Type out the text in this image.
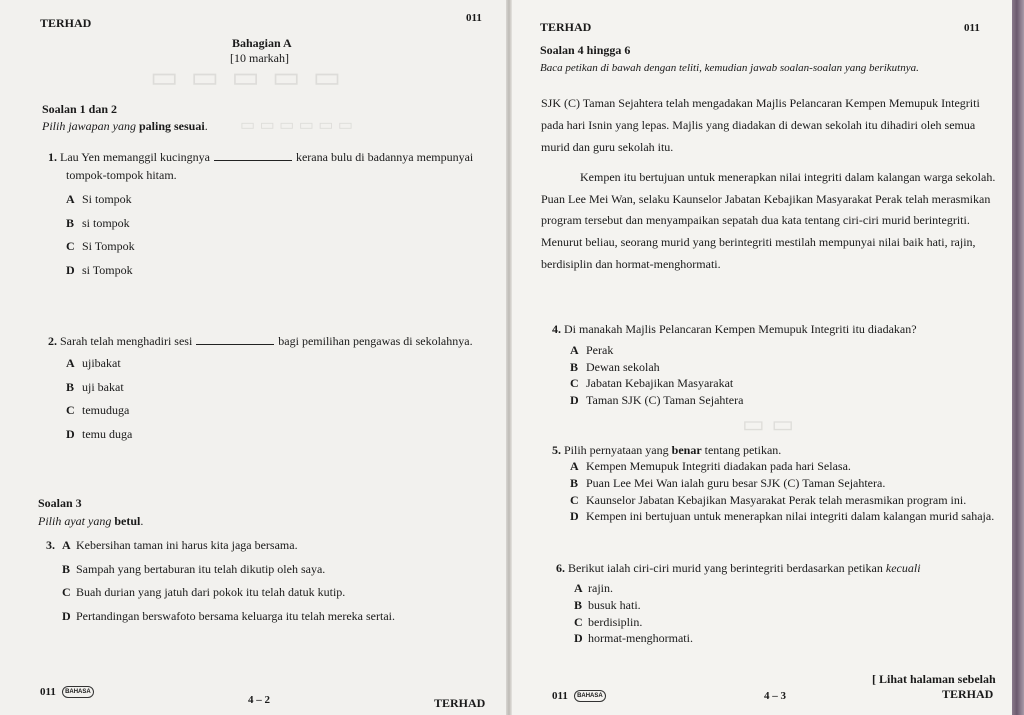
▭ ▭ ▭ ▭ ▭
▭ ▭ ▭ ▭ ▭ ▭
TERHAD	011
Bahagian A
[10 markah]
Soalan 1 dan 2
Pilih jawapan yang paling sesuai.
1. Lau Yen memanggil kucingnya	kerana bulu di badannya mempunyai
tompok-tompok hitam.
A Si tompok
B si tompok
C Si Tompok
D si Tompok
2. Sarah telah menghadiri sesi	bagi pemilihan pengawas di sekolahnya.
A ujibakat
B uji bakat
C temuduga
D temu duga
Soalan 3
Pilih ayat yang betul.
3. A Kebersihan taman ini harus kita jaga bersama.
B Sampah yang bertaburan itu telah dikutip oleh saya.
C Buah durian yang jatuh dari pokok itu telah datuk kutip.
D Pertandingan berswafoto bersama keluarga itu telah mereka sertai.
011 BAHASA
4 – 2	TERHAD
▭ ▭
TERHAD	011
Soalan 4 hingga 6
Baca petikan di bawah dengan teliti, kemudian jawab soalan-soalan yang berikutnya.
SJK (C) Taman Sejahtera telah mengadakan Majlis Pelancaran Kempen Memupuk Integriti
pada hari Isnin yang lepas. Majlis yang diadakan di dewan sekolah itu dihadiri oleh semua
murid dan guru sekolah itu.
Kempen itu bertujuan untuk menerapkan nilai integriti dalam kalangan warga sekolah.
Puan Lee Mei Wan, selaku Kaunselor Jabatan Kebajikan Masyarakat Perak telah merasmikan
program tersebut dan menyampaikan sepatah dua kata tentang ciri-ciri murid berintegriti.
Menurut beliau, seorang murid yang berintegriti mestilah mempunyai nilai baik hati, rajin,
berdisiplin dan hormat-menghormati.
4. Di manakah Majlis Pelancaran Kempen Memupuk Integriti itu diadakan?
A Perak
B Dewan sekolah
C Jabatan Kebajikan Masyarakat
D Taman SJK (C) Taman Sejahtera
5. Pilih pernyataan yang benar tentang petikan.
A Kempen Memupuk Integriti diadakan pada hari Selasa.
B Puan Lee Mei Wan ialah guru besar SJK (C) Taman Sejahtera.
C Kaunselor Jabatan Kebajikan Masyarakat Perak telah merasmikan program ini.
D Kempen ini bertujuan untuk menerapkan nilai integriti dalam kalangan murid sahaja.
6. Berikut ialah ciri-ciri murid yang berintegriti berdasarkan petikan kecuali
A rajin.
B busuk hati.
C berdisiplin.
D hormat-menghormati.
011 BAHASA	4 – 3
[ Lihat halaman sebelah
TERHAD
